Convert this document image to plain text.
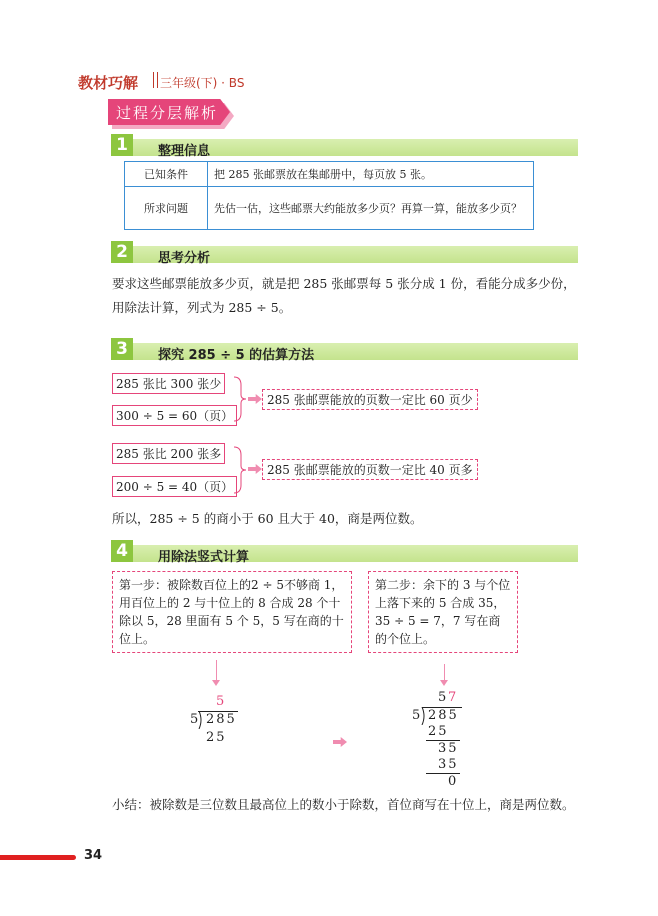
教材巧解 三年级(下) · BS
过程分层解析
1	整理信息
已知条件	把 285 张邮票放在集邮册中，每页放 5 张。
所求问题	先估一估，这些邮票大约能放多少页？再算一算，能放多少页？
2	思考分析
要求这些邮票能放多少页，就是把 285 张邮票每 5 张分成 1 份，看能分成多少份，用除法计算，列式为 285 ÷ 5。
3	探究 285 ÷ 5 的估算方法
285 张比 300 张少
300 ÷ 5 = 60（页）
285 张邮票能放的页数一定比 60 页少
285 张比 200 张多
200 ÷ 5 = 40（页）
285 张邮票能放的页数一定比 40 页多
所以，285 ÷ 5 的商小于 60 且大于 40，商是两位数。
4	用除法竖式计算
第一步：被除数百位上的2 ÷ 5不够商 1，用百位上的 2 与十位上的 8 合成 28 个十除以 5，28 里面有 5 个 5，5 写在商的十位上。
第二步：余下的 3 与个位上落下来的 5 合成 35，35 ÷ 5 = 7，7 写在商的个位上。
5
5 285
25
5 7
5 285
25
35
35
0
小结：被除数是三位数且最高位上的数小于除数，首位商写在十位上，商是两位数。
34
